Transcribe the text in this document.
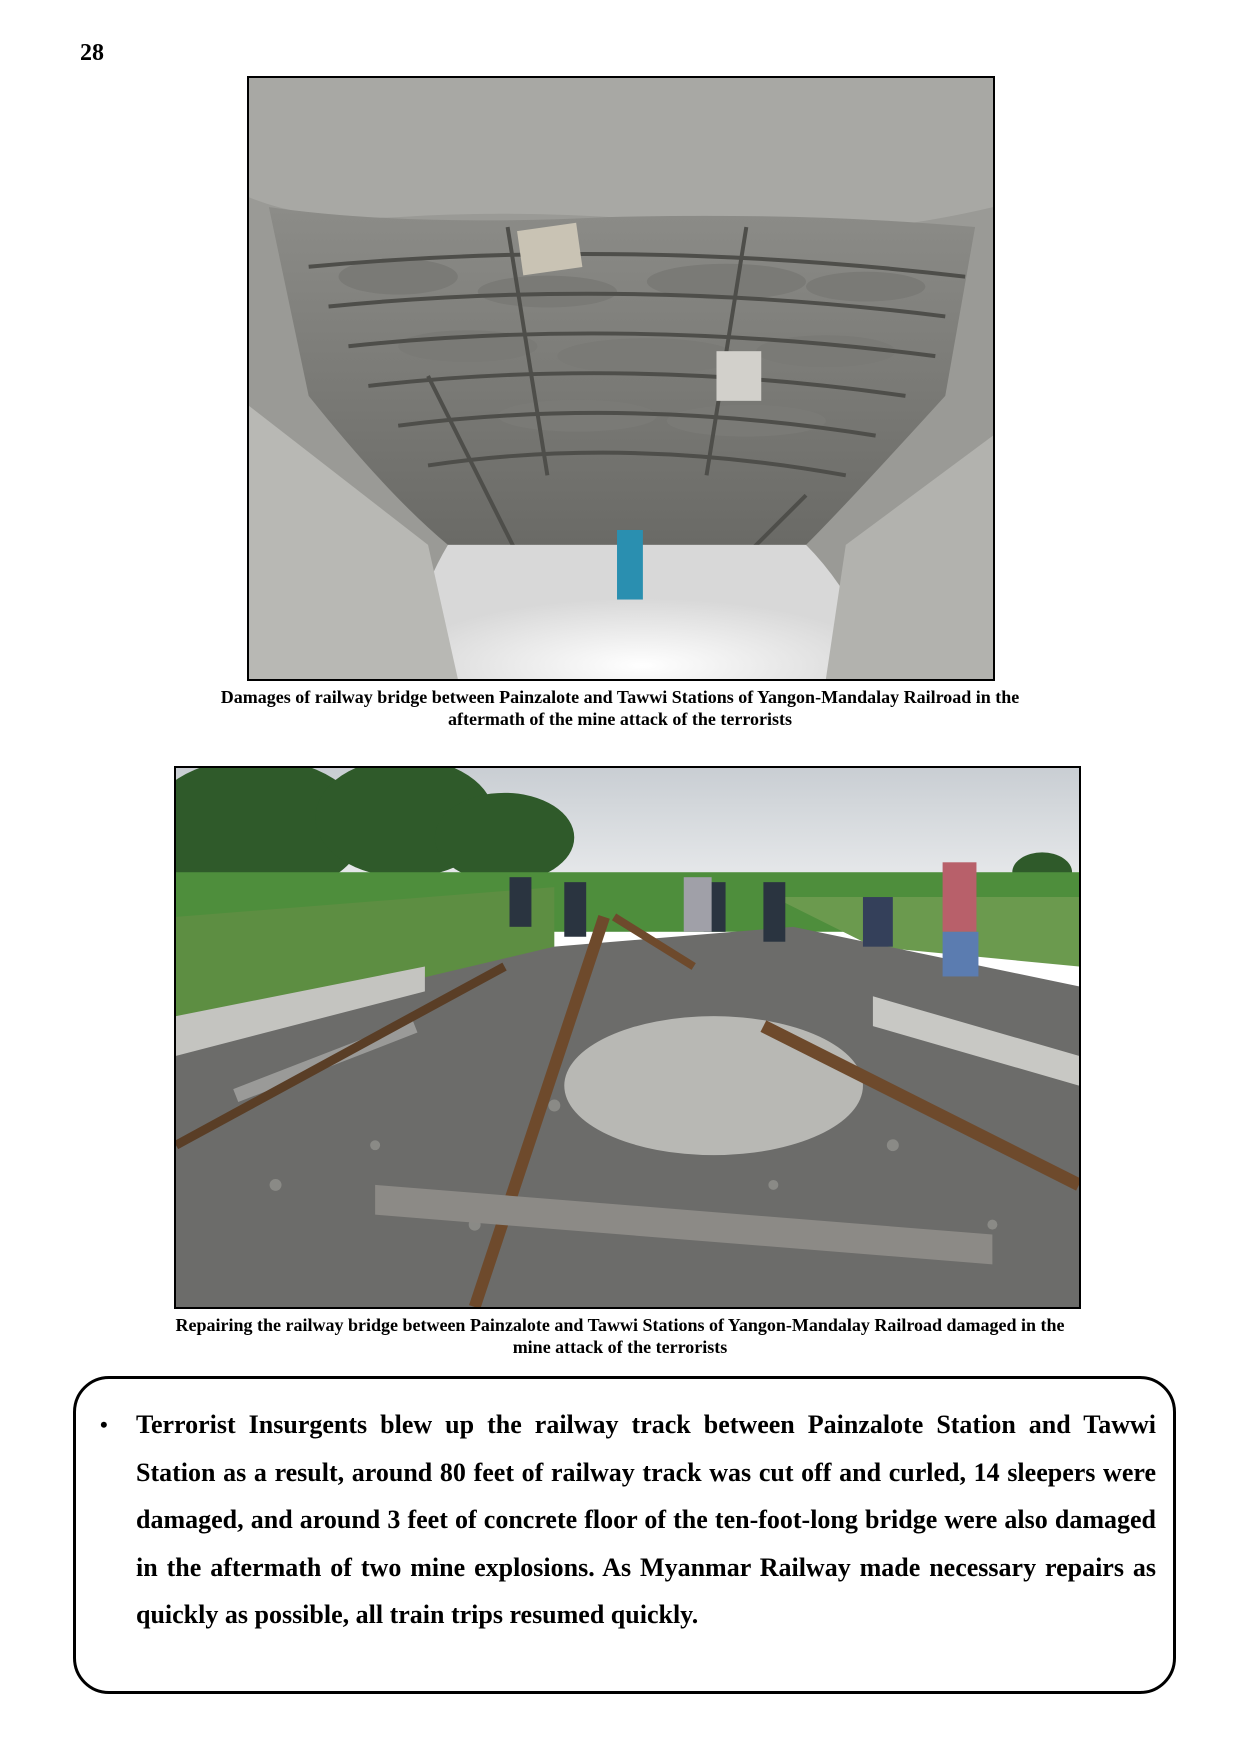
28
Damages of railway bridge between Painzalote and Tawwi Stations of Yangon-Mandalay Railroad in the
aftermath of the mine attack of the terrorists
Repairing the railway bridge between Painzalote and Tawwi Stations of Yangon-Mandalay Railroad damaged in the
mine attack of the terrorists
• Terrorist Insurgents blew up the railway track between Painzalote Station and Tawwi Station as a result, around 80 feet of railway track was cut off and curled, 14 sleepers were damaged, and around 3 feet of concrete floor of the ten-foot-long bridge were also damaged in the aftermath of two mine explosions. As Myanmar Railway made necessary repairs as quickly as possible, all train trips resumed quickly.
